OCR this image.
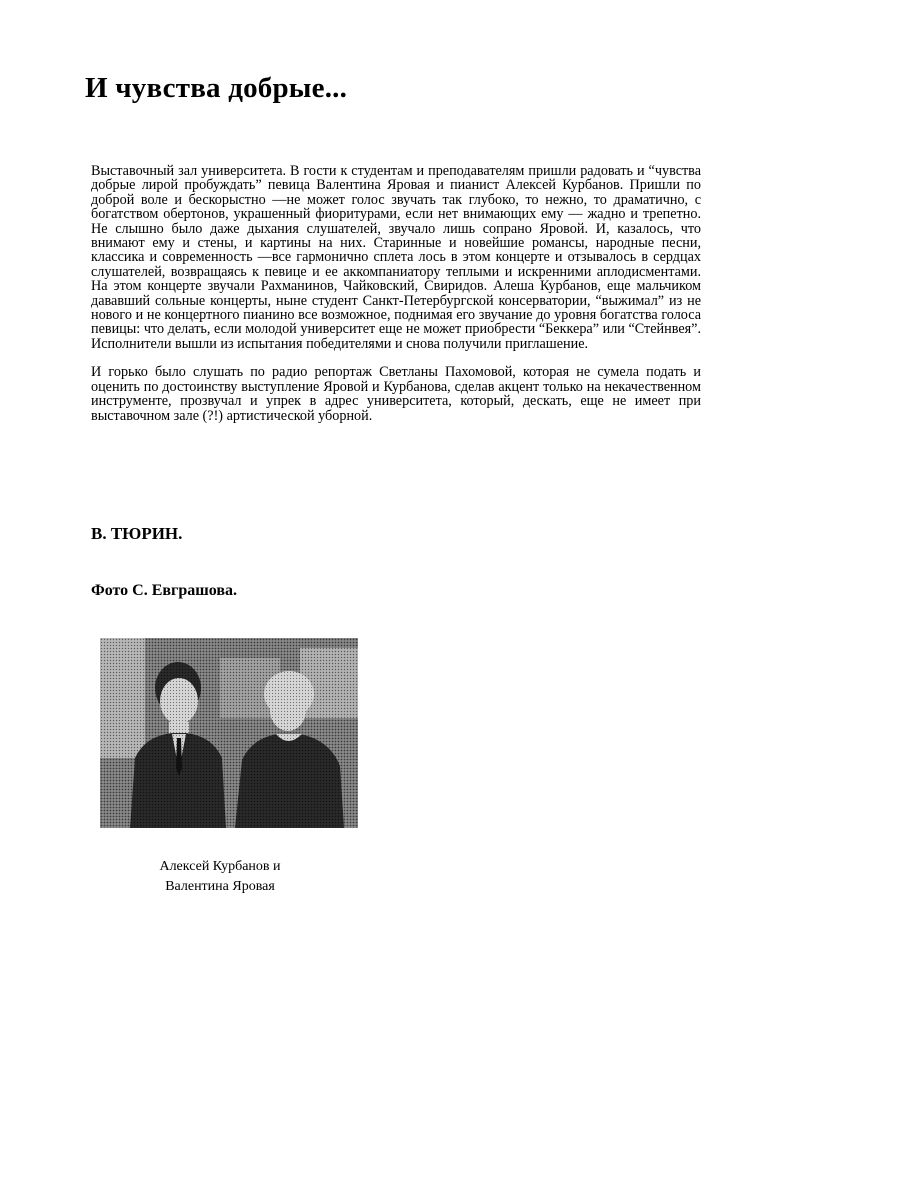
И чувства добрые...

Выставочный зал университета. В гости к студентам и преподавателям пришли радовать и “чувства добрые лирой пробуждать” певица Валентина Яровая и пианист Алексей Курбанов. Пришли по доброй воле и бескорыстно —не может голос звучать так глубоко, то нежно, то драматично, с богатством обертонов, украшенный фиоритурами, если нет внимающих ему — жадно и трепетно. Не слышно было даже дыхания слушателей, звучало лишь сопрано Яровой. И, казалось, что внимают ему и стены, и картины на них. Старинные и новейшие романсы, народные песни, классика и современность —все гармонично сплета лось в этом концерте и отзывалось в сердцах слушателей, возвращаясь к певице и ее аккомпаниатору теплыми и искренними аплодисментами. На этом концерте звучали Рахманинов, Чайковский, Свиридов. Алеша Курбанов, еще мальчиком дававший сольные концерты, ныне студент Санкт-Петербургской консерватории, “выжимал” из не нового и не концертного пианино все возможное, поднимая его звучание до уровня богатства голоса певицы: что делать, если молодой университет еще не может приобрести “Беккера” или “Стейнвея”. Исполнители вышли из испытания победителями и снова получили приглашение.

И горько было слушать по радио репортаж Светланы Пахомовой, которая не сумела подать и оценить по достоинству выступление Яровой и Курбанова, сделав акцент только на некачественном инструменте, прозвучал и упрек в адрес университета, который, дескать, еще не имеет при выставочном зале (?!) артистической уборной.

В. ТЮРИН.

Фото С. Евграшова.

Алексей Курбанов и
Валентина Яровая
